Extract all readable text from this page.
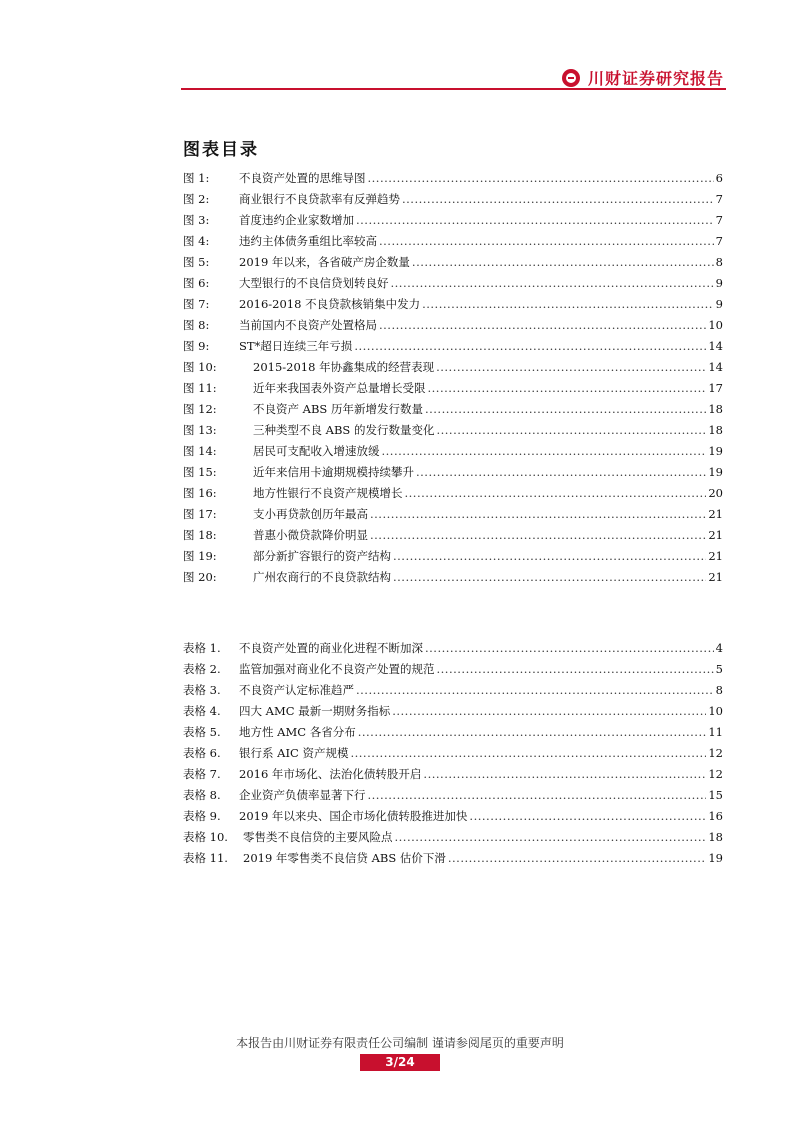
川财证券研究报告
图表目录
图 1:	不良资产处置的思维导图 .....	6
图 2:	商业银行不良贷款率有反弹趋势 .....	7
图 3:	首度违约企业家数增加 .....	7
图 4:	违约主体债务重组比率较高 .....	7
图 5:	2019 年以来，各省破产房企数量 .....	8
图 6:	大型银行的不良信贷划转良好 .....	9
图 7:	2016-2018 不良贷款核销集中发力 .....	9
图 8:	当前国内不良资产处置格局 .....	10
图 9:	ST*超日连续三年亏损 .....	14
图 10:	2015-2018 年协鑫集成的经营表现 .....	14
图 11:	近年来我国表外资产总量增长受限 .....	17
图 12:	不良资产 ABS 历年新增发行数量 .....	18
图 13:	三种类型不良 ABS 的发行数量变化 .....	18
图 14:	居民可支配收入增速放缓 .....	19
图 15:	近年来信用卡逾期规模持续攀升 .....	19
图 16:	地方性银行不良资产规模增长 .....	20
图 17:	支小再贷款创历年最高 .....	21
图 18:	普惠小微贷款降价明显 .....	21
图 19:	部分新扩容银行的资产结构 .....	21
图 20:	广州农商行的不良贷款结构 .....	21
表格 1.	不良资产处置的商业化进程不断加深 .....	4
表格 2.	监管加强对商业化不良资产处置的规范 .....	5
表格 3.	不良资产认定标准趋严 .....	8
表格 4.	四大 AMC 最新一期财务指标 .....	10
表格 5.	地方性 AMC 各省分布 .....	11
表格 6.	银行系 AIC 资产规模 .....	12
表格 7.	2016 年市场化、法治化债转股开启 .....	12
表格 8.	企业资产负债率显著下行 .....	15
表格 9.	2019 年以来央、国企市场化债转股推进加快 .....	16
表格 10.	零售类不良信贷的主要风险点 .....	18
表格 11.	2019 年零售类不良信贷 ABS 估价下滑 .....	19
本报告由川财证券有限责任公司编制 谨请参阅尾页的重要声明
3/24
